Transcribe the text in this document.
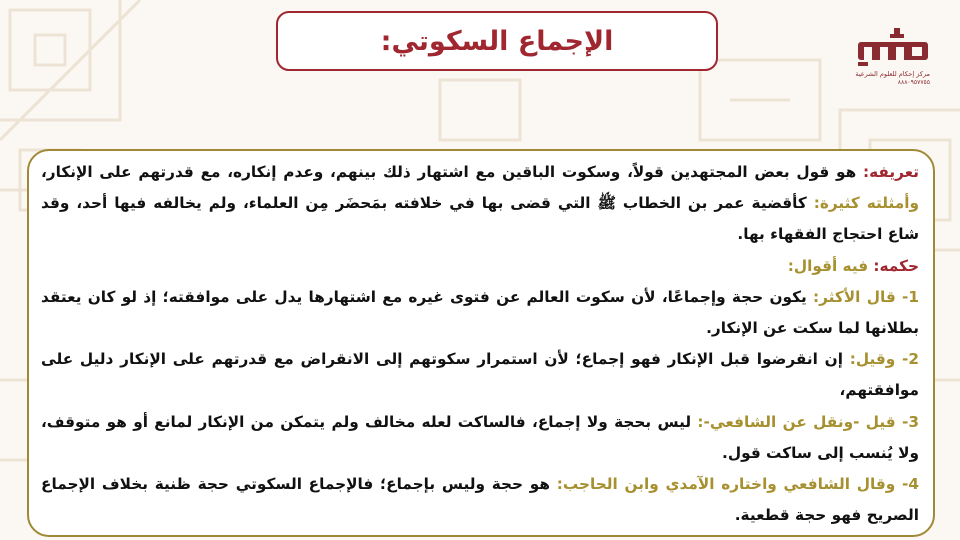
الإجماع السكوتي:
مركز إحكام للعلوم الشرعية
٨٨٨٠٩٥٧٧٥٥

تعريفه: هو قول بعض المجتهدين قولاً، وسكوت الباقين مع اشتهار ذلك بينهم، وعدم إنكاره، مع قدرتهم على الإنكار، وأمثلته كثيرة: كأقضية عمر بن الخطاب ﷺ التي قضى بها في خلافته بمَحضَر مِن العلماء، ولم يخالفه فيها أحد، وقد شاع احتجاج الفقهاء بها.

حكمه: فيه أقوال:

1- قال الأكثر: يكون حجة وإجماعًا، لأن سكوت العالم عن فتوى غيره مع اشتهارها يدل على موافقته؛ إذ لو كان يعتقد بطلانها لما سكت عن الإنكار.

2- وقيل: إن انقرضوا قبل الإنكار فهو إجماع؛ لأن استمرار سكوتهم إلى الانقراض مع قدرتهم على الإنكار دليل على موافقتهم،

3- قيل -ونقل عن الشافعي-: ليس بحجة ولا إجماع، فالساكت لعله مخالف ولم يتمكن من الإنكار لمانع أو هو متوقف، ولا يُنسب إلى ساكت قول.

4- وقال الشافعي واختاره الآمدي وابن الحاجب: هو حجة وليس بإجماع؛ فالإجماع السكوتي حجة ظنية بخلاف الإجماع الصريح فهو حجة قطعية.
